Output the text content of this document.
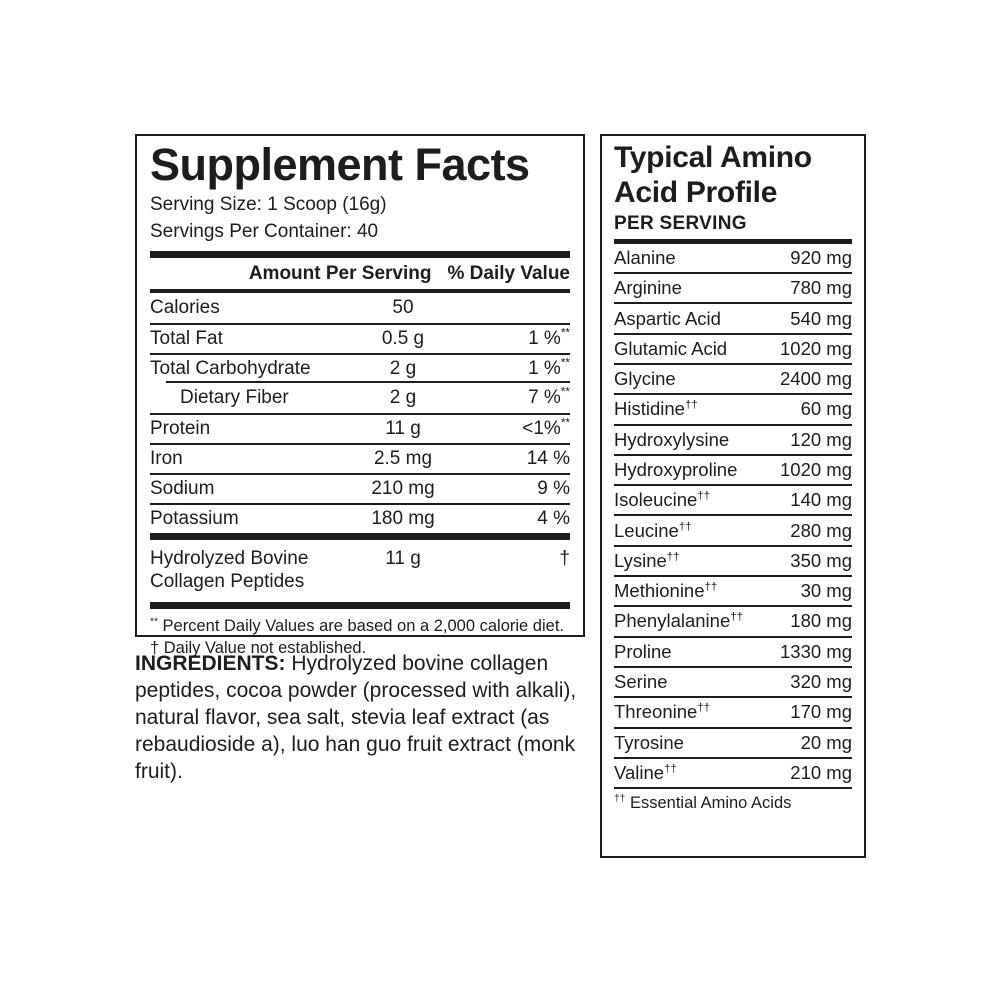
Supplement Facts
Serving Size: 1 Scoop (16g)
Servings Per Container: 40
Amount Per Serving % Daily Value
Calories	50
Total Fat	0.5 g	1 %**
Total Carbohydrate	2 g	1 %**
Dietary Fiber	2 g	7 %**
Protein	11 g	<1%**
Iron	2.5 mg	14 %
Sodium	210 mg	9 %
Potassium	180 mg	4 %
Hydrolyzed Bovine Collagen Peptides
11 g	†
** Percent Daily Values are based on a 2,000 calorie diet.
† Daily Value not established.

INGREDIENTS: Hydrolyzed bovine collagen peptides, cocoa powder (processed with alkali), natural flavor, sea salt, stevia leaf extract (as rebaudioside a), luo han guo fruit extract (monk fruit).

Typical Amino Acid Profile
PER SERVING
Alanine	920 mg
Arginine	780 mg
Aspartic Acid	540 mg
Glutamic Acid	1020 mg
Glycine	2400 mg
Histidine††	60 mg
Hydroxylysine	120 mg
Hydroxyproline 1020 mg
Isoleucine††	140 mg
Leucine††	280 mg
Lysine††	350 mg
Methionine††	30 mg
Phenylalanine††	180 mg
Proline	1330 mg
Serine	320 mg
Threonine††	170 mg
Tyrosine	20 mg
Valine††	210 mg
†† Essential Amino Acids
